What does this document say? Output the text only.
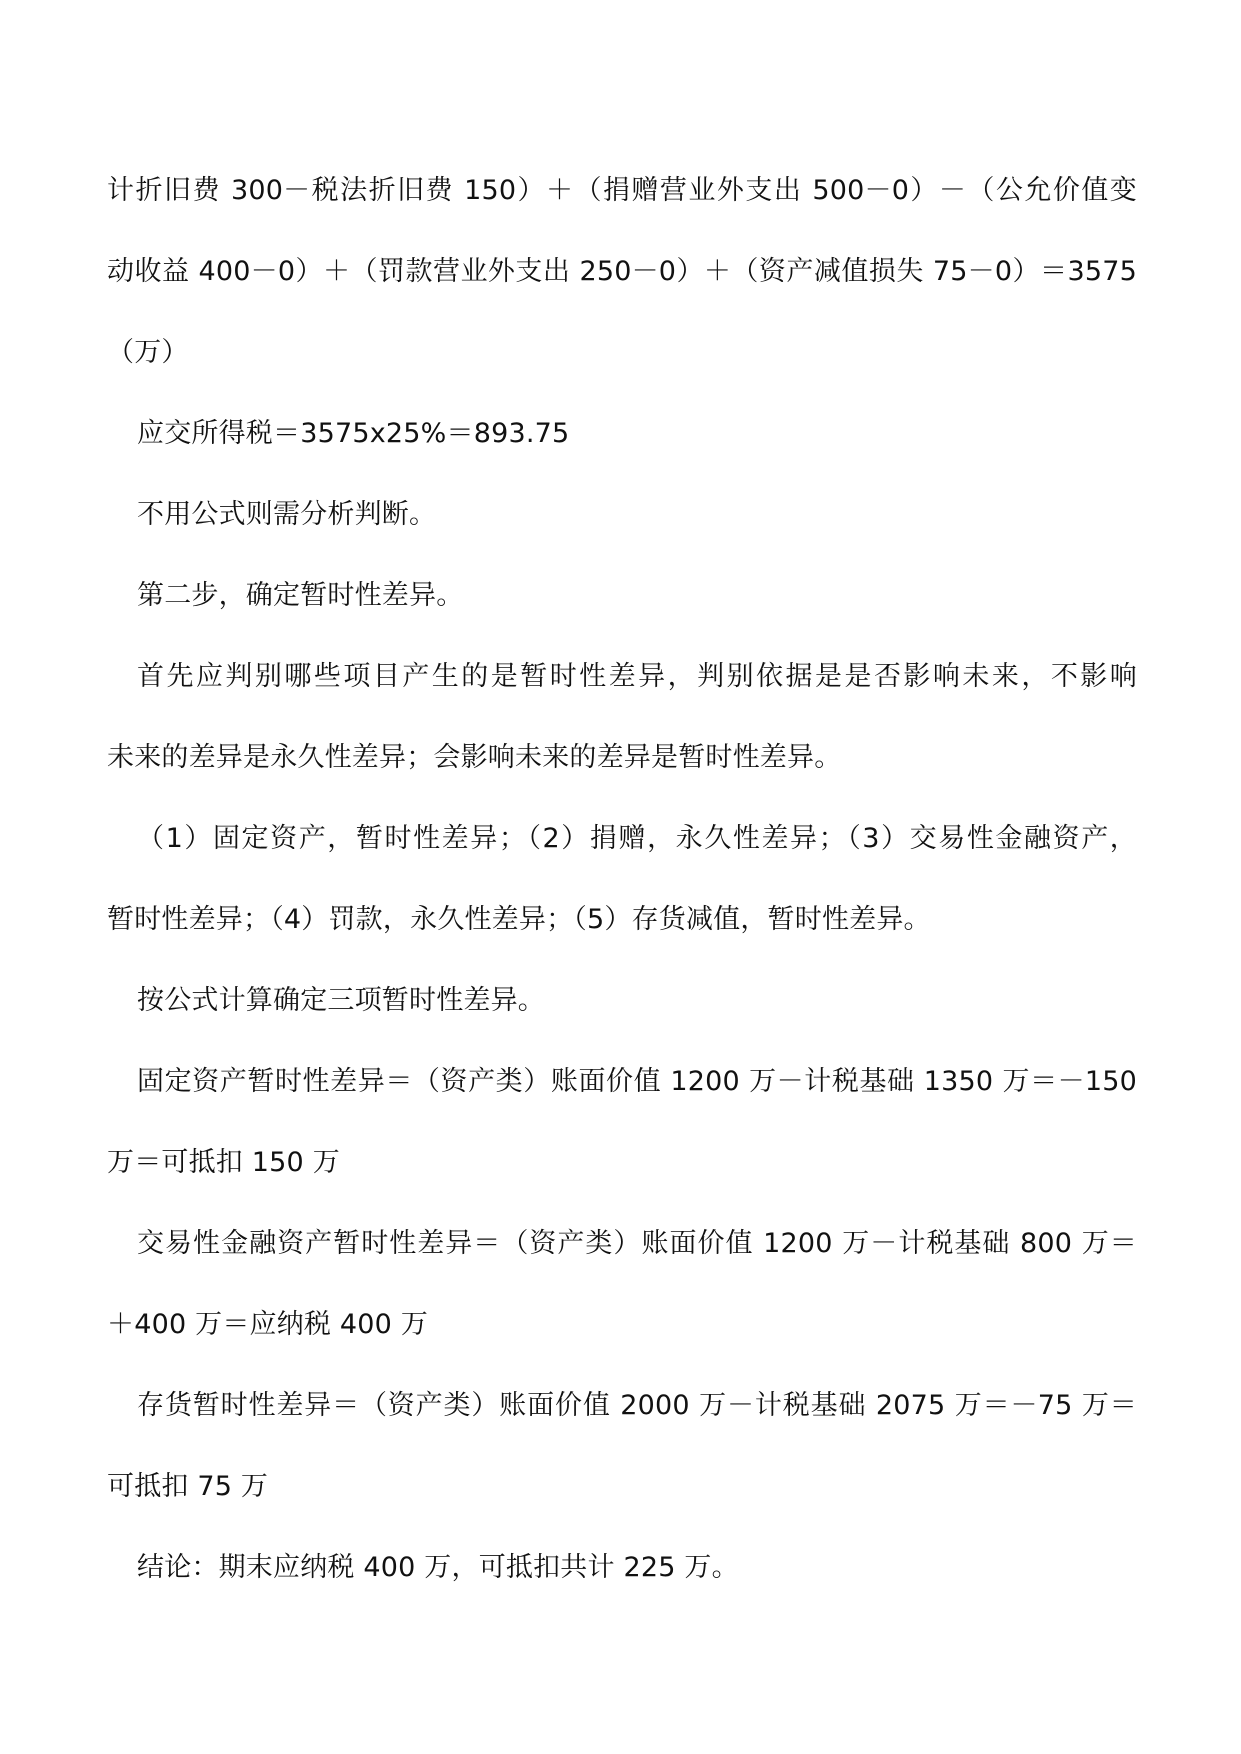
计折旧费 300－税法折旧费 150）＋（捐赠营业外支出 500－0）－（公允价值变
动收益 400－0）＋（罚款营业外支出 250－0）＋（资产减值损失 75－0）＝3575
（万）

应交所得税＝3575x25%＝893.75

不用公式则需分析判断。

第二步，确定暂时性差异。

首先应判别哪些项目产生的是暂时性差异，判别依据是是否影响未来，不影响
未来的差异是永久性差异；会影响未来的差异是暂时性差异。

（1）固定资产，暂时性差异；（2）捐赠，永久性差异；（3）交易性金融资产，
暂时性差异；（4）罚款，永久性差异；（5）存货减值，暂时性差异。

按公式计算确定三项暂时性差异。

固定资产暂时性差异＝（资产类）账面价值 1200 万－计税基础 1350 万＝－150
万＝可抵扣 150 万

交易性金融资产暂时性差异＝（资产类）账面价值 1200 万－计税基础 800 万＝
＋400 万＝应纳税 400 万

存货暂时性差异＝（资产类）账面价值 2000 万－计税基础 2075 万＝－75 万＝
可抵扣 75 万

结论：期末应纳税 400 万，可抵扣共计 225 万。
